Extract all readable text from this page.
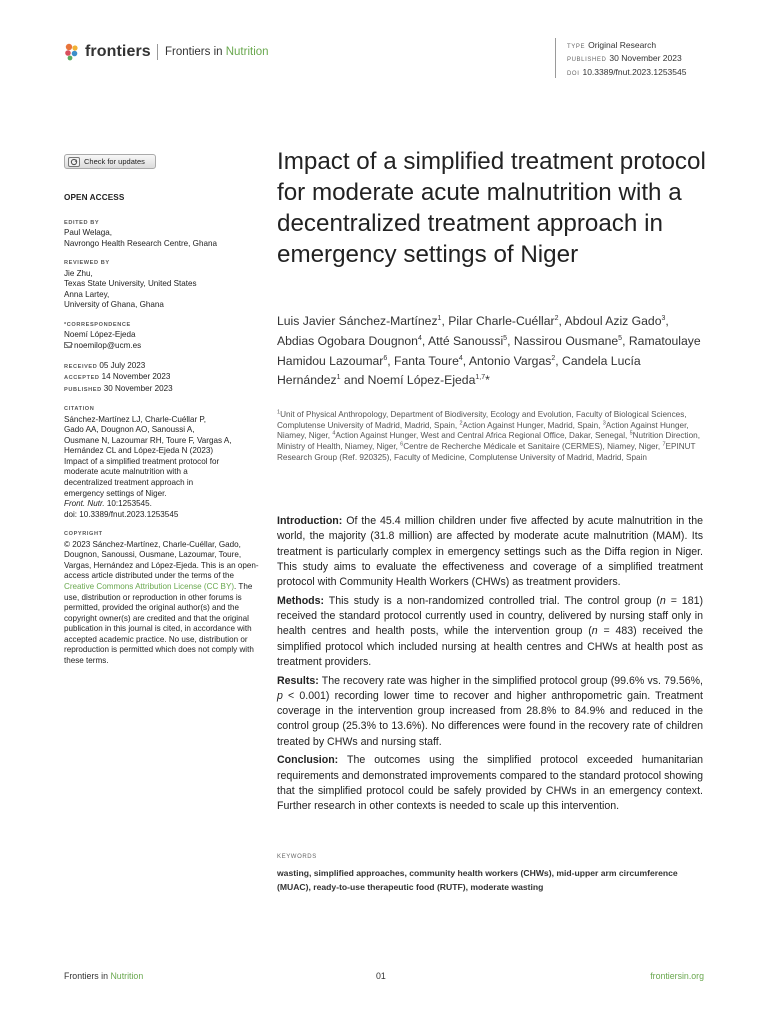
frontiers Frontiers in Nutrition	TYPE Original Research
PUBLISHED 30 November 2023
DOI 10.3389/fnut.2023.1253545
Check for updates
OPEN ACCESS
EDITED BY
Paul Welaga,
Navrongo Health Research Centre, Ghana
REVIEWED BY
Jie Zhu,
Texas State University, United States
Anna Lartey,
University of Ghana, Ghana
*CORRESPONDENCE
Noemí López-Ejeda
noemilop@ucm.es
RECEIVED 05 July 2023
ACCEPTED 14 November 2023
PUBLISHED 30 November 2023
CITATION
Sánchez-Martínez LJ, Charle-Cuéllar P,
Gado AA, Dougnon AO, Sanoussi A,
Ousmane N, Lazoumar RH, Toure F, Vargas A,
Hernández CL and López-Ejeda N (2023)
Impact of a simplified treatment protocol for
moderate acute malnutrition with a
decentralized treatment approach in
emergency settings of Niger.
Front. Nutr. 10:1253545.
doi: 10.3389/fnut.2023.1253545
COPYRIGHT
© 2023 Sánchez-Martínez, Charle-Cuéllar, Gado, Dougnon, Sanoussi, Ousmane, Lazoumar, Toure, Vargas, Hernández and López-Ejeda. This is an open-access article distributed under the terms of the Creative Commons Attribution License (CC BY). The use, distribution or reproduction in other forums is permitted, provided the original author(s) and the copyright owner(s) are credited and that the original publication in this journal is cited, in accordance with accepted academic practice. No use, distribution or reproduction is permitted which does not comply with these terms.
Impact of a simplified treatment protocol for moderate acute malnutrition with a decentralized treatment approach in emergency settings of Niger
Luis Javier Sánchez-Martínez$^1$, Pilar Charle-Cuéllar$^2$, Abdoul Aziz Gado$^3$, Abdias Ogobara Dougnon$^4$, Atté Sanoussi$^5$, Nassirou Ousmane$^5$, Ramatoulaye Hamidou Lazoumar$^6$, Fanta Toure$^4$, Antonio Vargas$^2$, Candela Lucía Hernández$^1$ and Noemí López-Ejeda$^{1,7}$*
$^1$Unit of Physical Anthropology, Department of Biodiversity, Ecology and Evolution, Faculty of Biological Sciences, Complutense University of Madrid, Madrid, Spain, $^2$Action Against Hunger, Madrid, Spain, $^3$Action Against Hunger, Niamey, Niger, $^4$Action Against Hunger, West and Central Africa Regional Office, Dakar, Senegal, $^5$Nutrition Direction, Ministry of Health, Niamey, Niger, $^6$Centre de Recherche Médicale et Sanitaire (CERMES), Niamey, Niger, $^7$EPINUT Research Group (Ref. 920325), Faculty of Medicine, Complutense University of Madrid, Madrid, Spain

Introduction: Of the 45.4 million children under five affected by acute malnutrition in the world, the majority (31.8 million) are affected by moderate acute malnutrition (MAM). Its treatment is particularly complex in emergency settings such as the Diffa region in Niger. This study aims to evaluate the effectiveness and coverage of a simplified treatment protocol with Community Health Workers (CHWs) as treatment providers.

Methods: This study is a non-randomized controlled trial. The control group (n = 181) received the standard protocol currently used in country, delivered by nursing staff only in health centres and health posts, while the intervention group (n = 483) received the simplified protocol which included nursing at health centres and CHWs at health post as treatment providers.

Results: The recovery rate was higher in the simplified protocol group (99.6% vs. 79.56%, p < 0.001) recording lower time to recover and higher anthropometric gain. Treatment coverage in the intervention group increased from 28.8% to 84.9% and reduced in the control group (25.3% to 13.6%). No differences were found in the recovery rate of children treated by CHWs and nursing staff.

Conclusion: The outcomes using the simplified protocol exceeded humanitarian requirements and demonstrated improvements compared to the standard protocol showing that the simplified protocol could be safely provided by CHWs in an emergency context. Further research in other contexts is needed to scale up this intervention.

KEYWORDS
wasting, simplified approaches, community health workers (CHWs), mid-upper arm circumference (MUAC), ready-to-use therapeutic food (RUTF), moderate wasting
Frontiers in Nutrition	01	frontiersin.org
